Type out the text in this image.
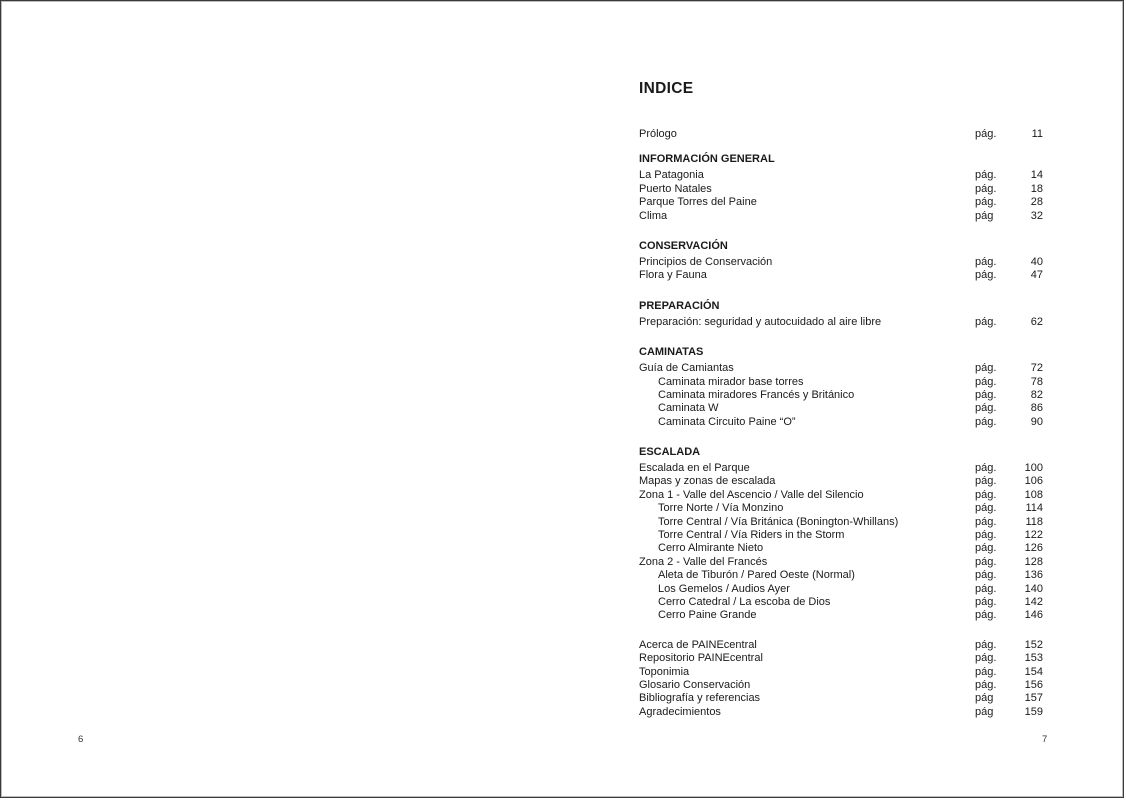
6
INDICE
Prólogo	pág.	11
INFORMACIÓN GENERAL
La Patagonia	pág.	14
Puerto Natales	pág.	18
Parque Torres del Paine	pág.	28
Clima	pág	32
CONSERVACIÓN
Principios de Conservación	pág.	40
Flora y Fauna	pág.	47
PREPARACIÓN
Preparación: seguridad y autocuidado al aire libre	pág.	62
CAMINATAS
Guía de Camiantas	pág.	72
Caminata mirador base torres	pág.	78
Caminata miradores Francés y Británico	pág.	82
Caminata W	pág.	86
Caminata Circuito Paine “O”	pág.	90
ESCALADA
Escalada en el Parque	pág.	100
Mapas y zonas de escalada	pág.	106
Zona 1 - Valle del Ascencio / Valle del Silencio	pág.	108
Torre Norte / Vía Monzino	pág.	114
Torre Central / Vía Británica (Bonington-Whillans)	pág.	118
Torre Central / Vía Riders in the Storm	pág.	122
Cerro Almirante Nieto	pág.	126
Zona 2 - Valle del Francés	pág.	128
Aleta de Tiburón / Pared Oeste (Normal)	pág.	136
Los Gemelos / Audios Ayer	pág.	140
Cerro Catedral / La escoba de Dios	pág.	142
Cerro Paine Grande	pág.	146
Acerca de PAINEcentral	pág.	152
Repositorio PAINEcentral	pág.	153
Toponimia	pág.	154
Glosario Conservación	pág.	156
Bibliografía y referencias	pág	157
Agradecimientos	pág	159
7
